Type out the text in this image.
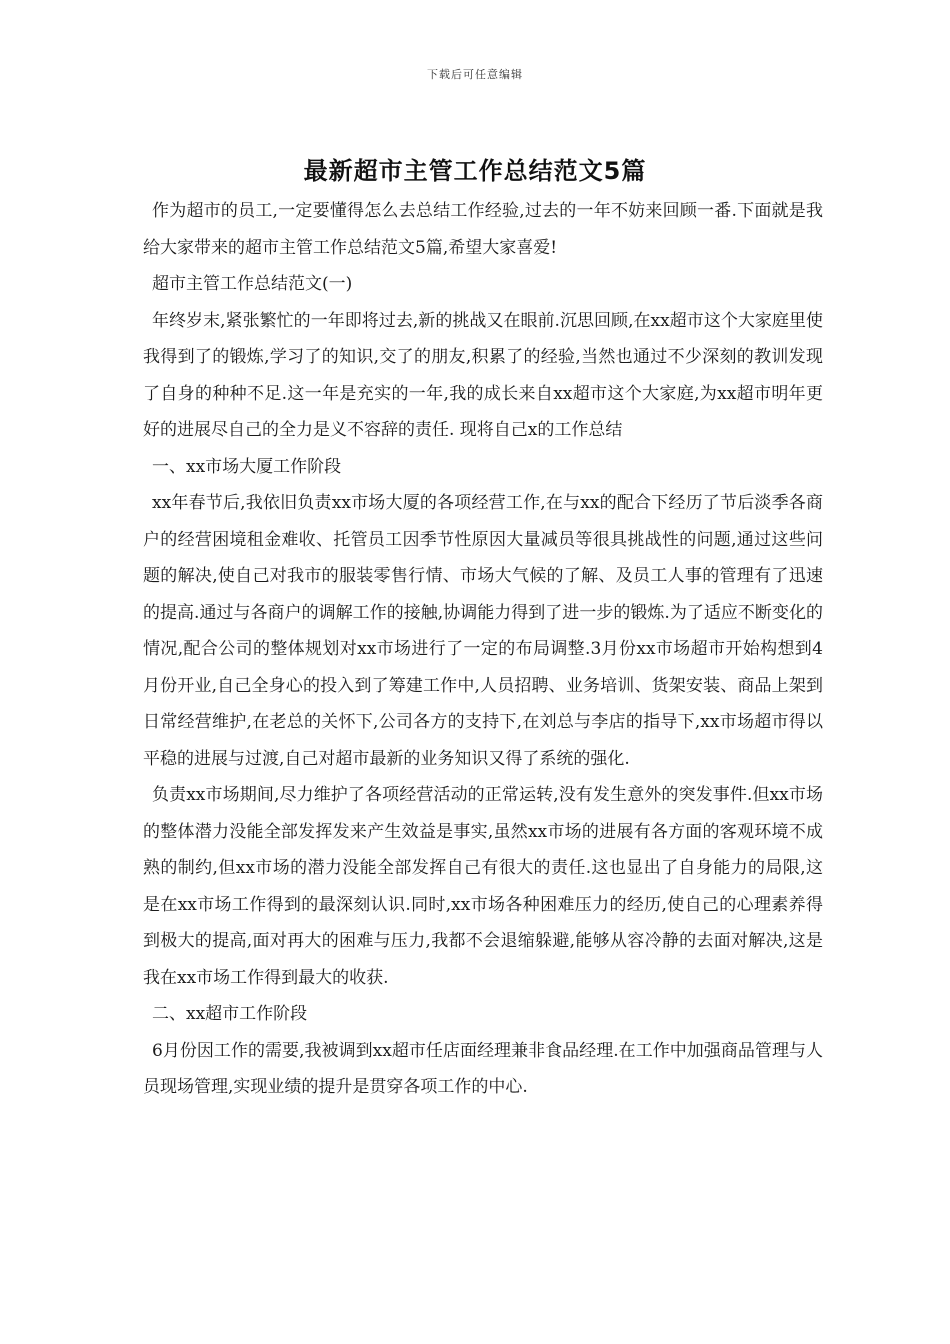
下载后可任意编辑
最新超市主管工作总结范文5篇

作为超市的员工,一定要懂得怎么去总结工作经验,过去的一年不妨来回顾一番.下面就是我给大家带来的超市主管工作总结范文5篇,希望大家喜爱!

超市主管工作总结范文(一)

年终岁末,紧张繁忙的一年即将过去,新的挑战又在眼前.沉思回顾,在xx超市这个大家庭里使我得到了的锻炼,学习了的知识,交了的朋友,积累了的经验,当然也通过不少深刻的教训发现了自身的种种不足.这一年是充实的一年,我的成长来自xx超市这个大家庭,为xx超市明年更好的进展尽自己的全力是义不容辞的责任. 现将自己x的工作总结

一、xx市场大厦工作阶段

xx年春节后,我依旧负责xx市场大厦的各项经营工作,在与xx的配合下经历了节后淡季各商户的经营困境租金难收、托管员工因季节性原因大量减员等很具挑战性的问题,通过这些问题的解决,使自己对我市的服装零售行情、市场大气候的了解、及员工人事的管理有了迅速的提高.通过与各商户的调解工作的接触,协调能力得到了进一步的锻炼.为了适应不断变化的情况,配合公司的整体规划对xx市场进行了一定的布局调整.3月份xx市场超市开始构想到4月份开业,自己全身心的投入到了筹建工作中,人员招聘、业务培训、货架安装、商品上架到日常经营维护,在老总的关怀下,公司各方的支持下,在刘总与李店的指导下,xx市场超市得以平稳的进展与过渡,自己对超市最新的业务知识又得了系统的强化.

负责xx市场期间,尽力维护了各项经营活动的正常运转,没有发生意外的突发事件.但xx市场的整体潜力没能全部发挥发来产生效益是事实,虽然xx市场的进展有各方面的客观环境不成熟的制约,但xx市场的潜力没能全部发挥自己有很大的责任.这也显出了自身能力的局限,这是在xx市场工作得到的最深刻认识.同时,xx市场各种困难压力的经历,使自己的心理素养得到极大的提高,面对再大的困难与压力,我都不会退缩躲避,能够从容冷静的去面对解决,这是我在xx市场工作得到最大的收获.

二、xx超市工作阶段

6月份因工作的需要,我被调到xx超市任店面经理兼非食品经理.在工作中加强商品管理与人员现场管理,实现业绩的提升是贯穿各项工作的中心.
